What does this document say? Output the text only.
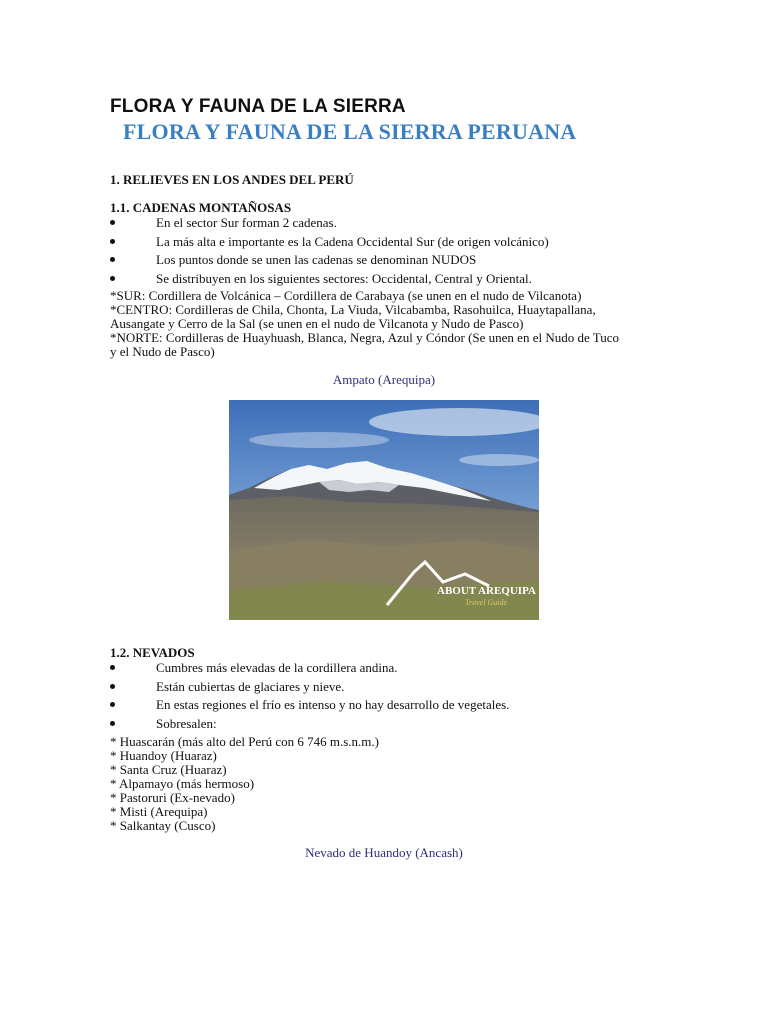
FLORA Y FAUNA DE LA SIERRA
FLORA Y FAUNA DE LA SIERRA PERUANA
1. RELIEVES EN LOS ANDES DEL PERÚ
1.1. CADENAS MONTAÑOSAS
En el sector Sur forman 2 cadenas.
La más alta e importante es la Cadena Occidental Sur (de origen volcánico)
Los puntos donde se unen las cadenas se denominan NUDOS
Se distribuyen en los siguientes sectores: Occidental, Central y Oriental.
*SUR: Cordillera de Volcánica – Cordillera de Carabaya (se unen en el nudo de Vilcanota)
*CENTRO: Cordilleras de Chila, Chonta, La Viuda, Vilcabamba, Rasohuilca, Huaytapallana,
Ausangate y Cerro de la Sal (se unen en el nudo de Vilcanota y Nudo de Pasco)
*NORTE: Cordilleras de Huayhuash, Blanca, Negra, Azul y Cóndor (Se unen en el Nudo de Tuco
y el Nudo de Pasco)
Ampato (Arequipa)
ABOUT AREQUIPA
Travel Guide
1.2. NEVADOS
Cumbres más elevadas de la cordillera andina.
Están cubiertas de glaciares y nieve.
En estas regiones el frío es intenso y no hay desarrollo de vegetales.
Sobresalen:
* Huascarán (más alto del Perú con 6 746 m.s.n.m.)
* Huandoy (Huaraz)
* Santa Cruz (Huaraz)
* Alpamayo (más hermoso)
* Pastoruri (Ex-nevado)
* Misti (Arequipa)
* Salkantay (Cusco)
Nevado de Huandoy (Ancash)
